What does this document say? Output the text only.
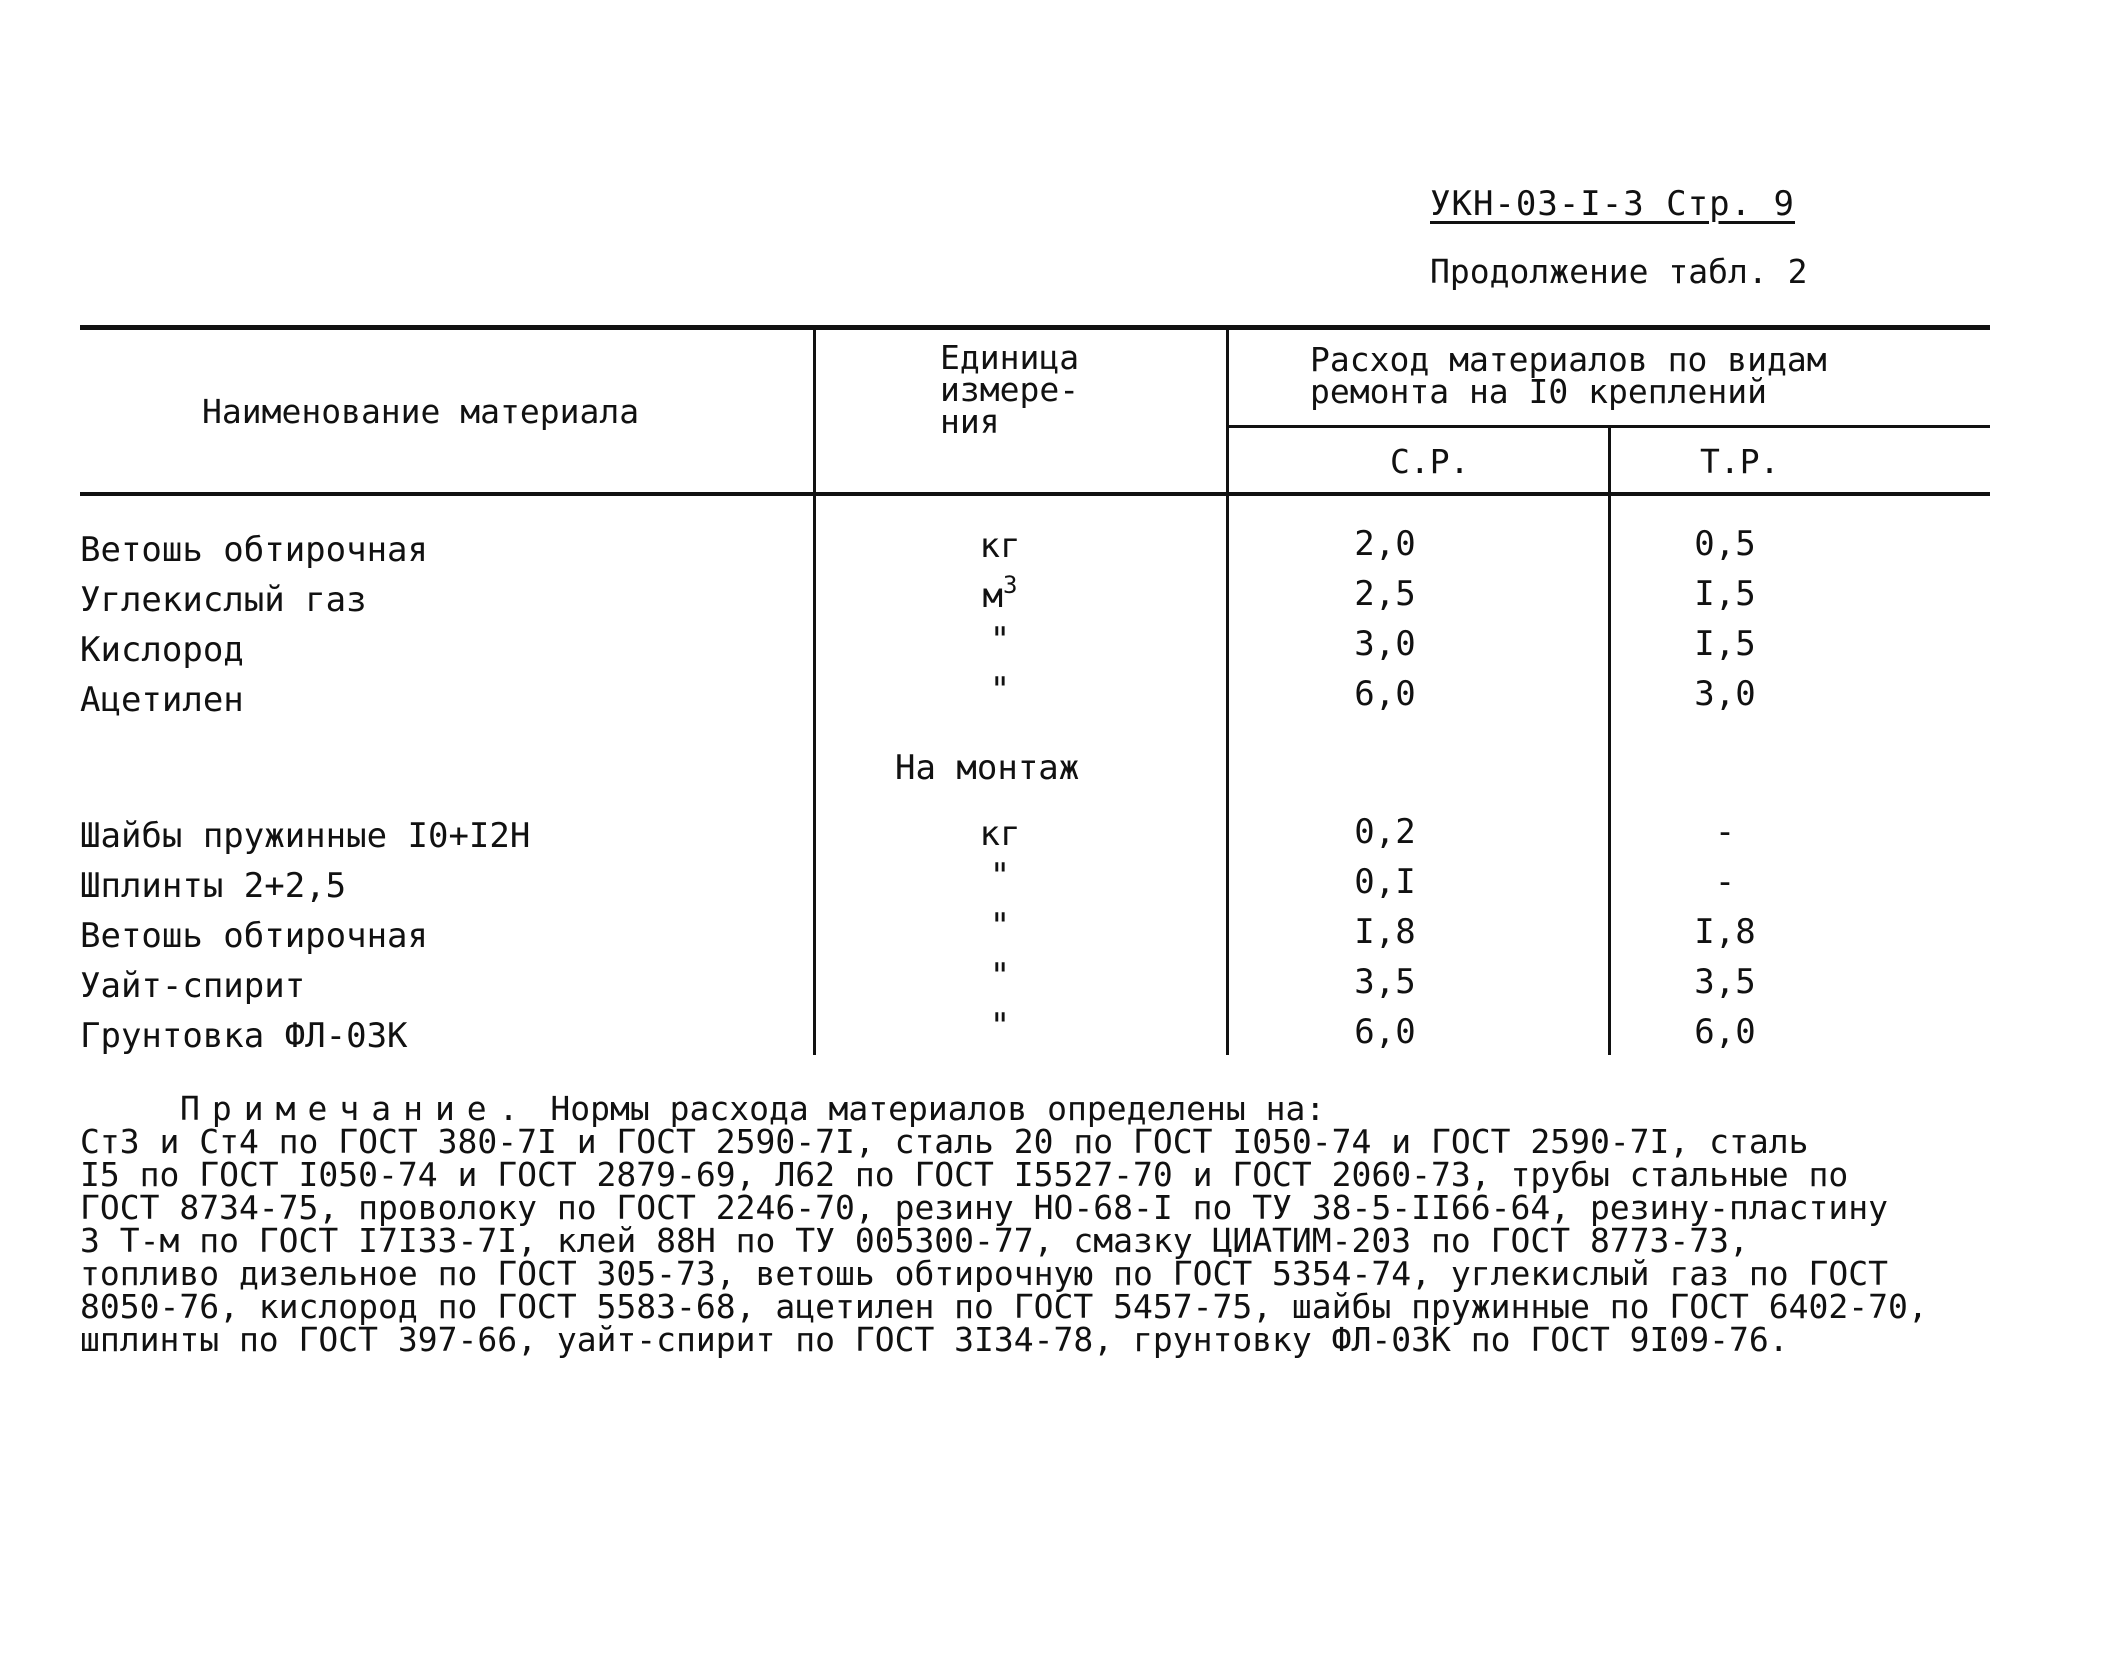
УКН-03-I-3 Стр. 9
Продолжение табл. 2
Наименование материала
Единица
измере-
ния
Расход материалов по видам
ремонта на I0 креплений
С.Р.	Т.Р.
Ветошь обтирочная	кг	2,0	0,5
Углекислый газ	$м^3$	2,5	I,5
Кислород	"	3,0	I,5
Ацетилен	"	6,0	3,0
На монтаж
Шайбы пружинные I0+I2Н	кг	0,2	-
Шплинты 2+2,5	"	0,I	-
Ветошь обтирочная	"	I,8	I,8
Уайт-спирит	"	3,5	3,5
Грунтовка ФЛ-03К	"	6,0	6,0
Примечание. Нормы расхода материалов определены на:
Ст3 и Ст4 по ГОСТ 380-7I и ГОСТ 2590-7I, сталь 20 по ГОСТ I050-74 и ГОСТ 2590-7I, сталь
I5 по ГОСТ I050-74 и ГОСТ 2879-69, Л62 по ГОСТ I5527-70 и ГОСТ 2060-73, трубы стальные по
ГОСТ 8734-75, проволоку по ГОСТ 2246-70, резину НО-68-I по ТУ 38-5-II66-64, резину-пластину
3 Т-м по ГОСТ I7I33-7I, клей 88Н по ТУ 005300-77, смазку ЦИАТИМ-203 по ГОСТ 8773-73,
топливо дизельное по ГОСТ 305-73, ветошь обтирочную по ГОСТ 5354-74, углекислый газ по ГОСТ
8050-76, кислород по ГОСТ 5583-68, ацетилен по ГОСТ 5457-75, шайбы пружинные по ГОСТ 6402-70,
шплинты по ГОСТ 397-66, уайт-спирит по ГОСТ 3I34-78, грунтовку ФЛ-03К по ГОСТ 9I09-76.
